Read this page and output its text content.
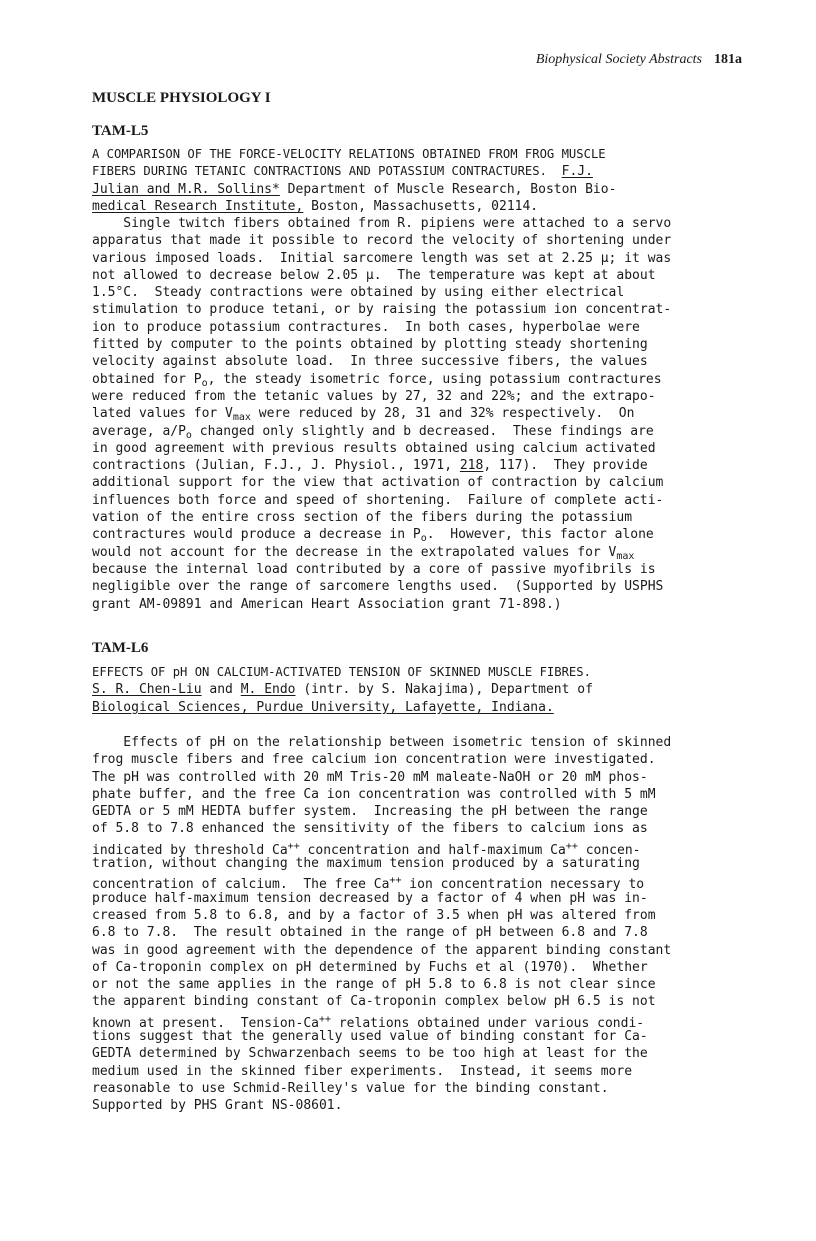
Biophysical Society Abstracts 181a
MUSCLE PHYSIOLOGY I
TAM-L5
A COMPARISON OF THE FORCE-VELOCITY RELATIONS OBTAINED FROM FROG MUSCLE
FIBERS DURING TETANIC CONTRACTIONS AND POTASSIUM CONTRACTURES. F.J.
Julian and M.R. Sollins* Department of Muscle Research, Boston Bio-
medical Research Institute, Boston, Massachusetts, 02114.
Single twitch fibers obtained from R. pipiens were attached to a servo
apparatus that made it possible to record the velocity of shortening under
various imposed loads.  Initial sarcomere length was set at 2.25 µ; it was
not allowed to decrease below 2.05 µ.  The temperature was kept at about
1.5°C.  Steady contractions were obtained by using either electrical
stimulation to produce tetani, or by raising the potassium ion concentrat-
ion to produce potassium contractures.  In both cases, hyperbolae were
fitted by computer to the points obtained by plotting steady shortening
velocity against absolute load.  In three successive fibers, the values
obtained for $P_o$, the steady isometric force, using potassium contractures
were reduced from the tetanic values by 27, 32 and 22%; and the extrapo-
lated values for $V_{max}$ were reduced by 28, 31 and 32% respectively.  On
average, $a/P_o$ changed only slightly and b decreased.  These findings are
in good agreement with previous results obtained using calcium activated
contractions (Julian, F.J., J. Physiol., 1971, 218, 117).  They provide
additional support for the view that activation of contraction by calcium
influences both force and speed of shortening.  Failure of complete acti-
vation of the entire cross section of the fibers during the potassium
contractures would produce a decrease in $P_o$.  However, this factor alone
would not account for the decrease in the extrapolated values for $V_{max}$
because the internal load contributed by a core of passive myofibrils is
negligible over the range of sarcomere lengths used.  (Supported by USPHS
grant AM-09891 and American Heart Association grant 71-898.)
TAM-L6
EFFECTS OF pH ON CALCIUM-ACTIVATED TENSION OF SKINNED MUSCLE FIBRES.
S. R. Chen-Liu and M. Endo (intr. by S. Nakajima), Department of
Biological Sciences, Purdue University, Lafayette, Indiana.
Effects of pH on the relationship between isometric tension of skinned
frog muscle fibers and free calcium ion concentration were investigated.
The pH was controlled with 20 mM Tris-20 mM maleate-NaOH or 20 mM phos-
phate buffer, and the free Ca ion concentration was controlled with 5 mM
GEDTA or 5 mM HEDTA buffer system.  Increasing the pH between the range
of 5.8 to 7.8 enhanced the sensitivity of the fibers to calcium ions as
indicated by threshold Ca++ concentration and half-maximum Ca++ concen-
tration, without changing the maximum tension produced by a saturating
concentration of calcium.  The free Ca++ ion concentration necessary to
produce half-maximum tension decreased by a factor of 4 when pH was in-
creased from 5.8 to 6.8, and by a factor of 3.5 when pH was altered from
6.8 to 7.8.  The result obtained in the range of pH between 6.8 and 7.8
was in good agreement with the dependence of the apparent binding constant
of Ca-troponin complex on pH determined by Fuchs et al (1970).  Whether
or not the same applies in the range of pH 5.8 to 6.8 is not clear since
the apparent binding constant of Ca-troponin complex below pH 6.5 is not
known at present.  Tension-Ca++ relations obtained under various condi-
tions suggest that the generally used value of binding constant for Ca-
GEDTA determined by Schwarzenbach seems to be too high at least for the
medium used in the skinned fiber experiments.  Instead, it seems more
reasonable to use Schmid-Reilley's value for the binding constant.
Supported by PHS Grant NS-08601.
